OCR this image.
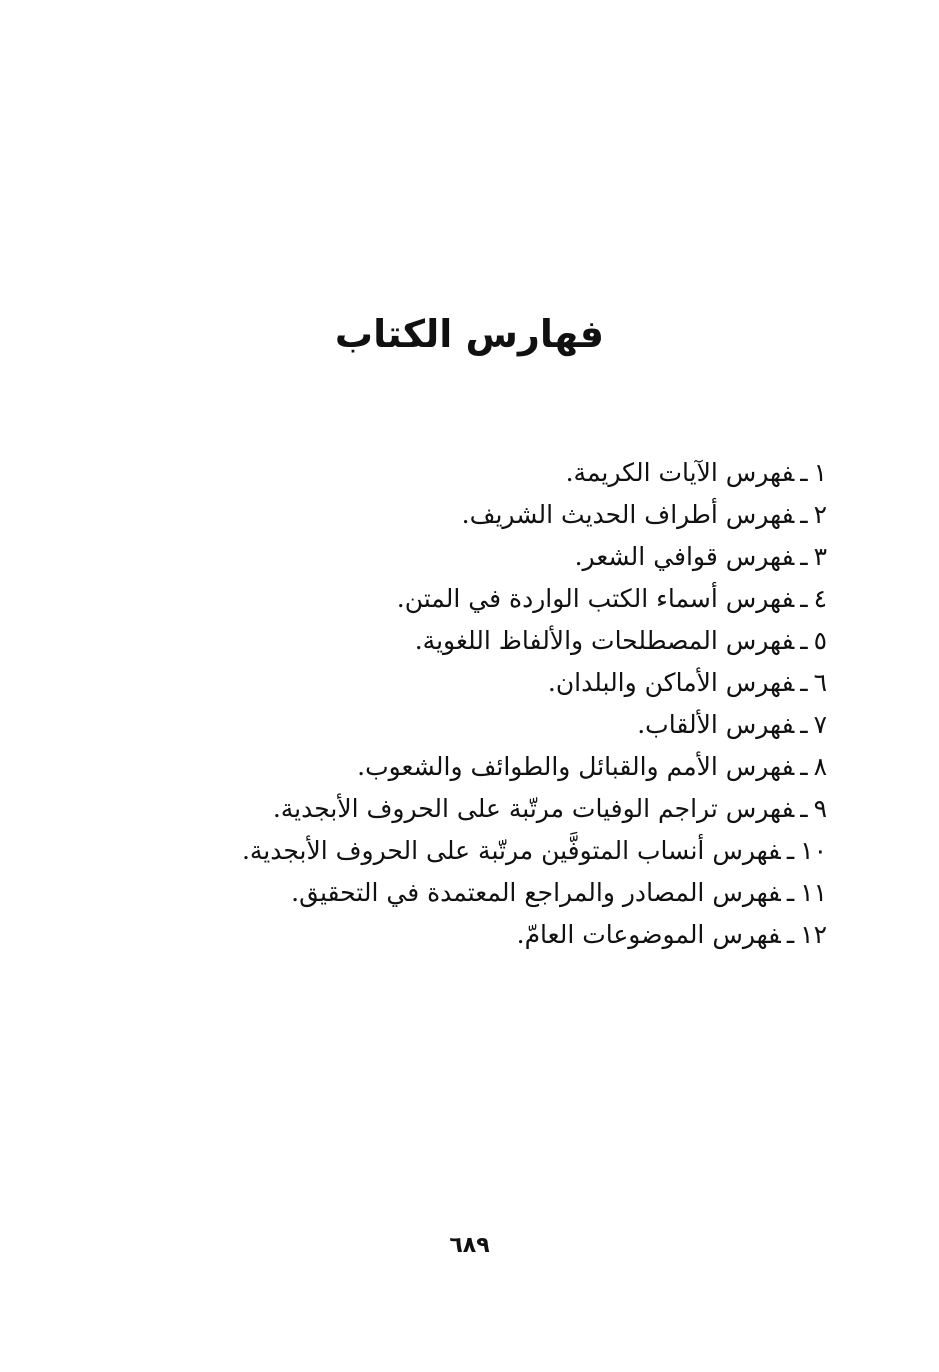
فهارس الكتاب
١ـفهرس الآيات الكريمة.
٢ـفهرس أطراف الحديث الشريف.
٣ـفهرس قوافي الشعر.
٤ـفهرس أسماء الكتب الواردة في المتن.
٥ـفهرس المصطلحات والألفاظ اللغوية.
٦ـفهرس الأماكن والبلدان.
٧ـفهرس الألقاب.
٨ـفهرس الأمم والقبائل والطوائف والشعوب.
٩ـفهرس تراجم الوفيات مرتّبة على الحروف الأبجدية.
١٠ـفهرس أنساب المتوفَّين مرتّبة على الحروف الأبجدية.
١١ـفهرس المصادر والمراجع المعتمدة في التحقيق.
١٢ـفهرس الموضوعات العامّ.
٦٨٩
